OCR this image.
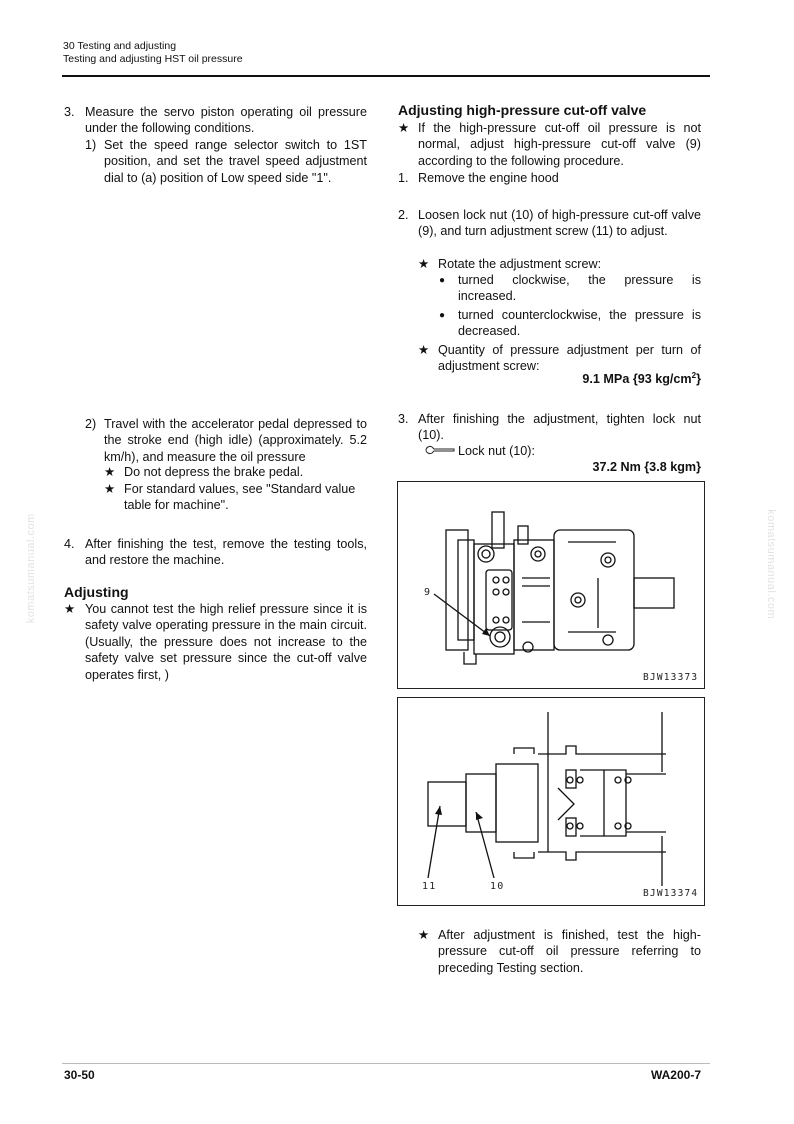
30 Testing and adjusting
Testing and adjusting HST oil pressure
komatsumanual.com	komatsumanual.com
3. Measure the servo piston operating oil pressure under the following conditions.
1) Set the speed range selector switch to 1ST position, and set the travel speed adjustment dial to (a) position of Low speed side "1".
2) Travel with the accelerator pedal depressed to the stroke end (high idle) (approximately. 5.2 km/h), and measure the oil pressure
★ Do not depress the brake pedal.
★ For standard values, see "Standard value table for machine".
4. After finishing the test, remove the testing tools, and restore the machine.
Adjusting
★ You cannot test the high relief pressure since it is safety valve operating pressure in the main circuit. (Usually, the pressure does not increase to the safety valve set pressure since the cut-off valve operates first, )
Adjusting high-pressure cut-off valve
★ If the high-pressure cut-off oil pressure is not normal, adjust high-pressure cut-off valve (9) according to the following procedure.
1. Remove the engine hood
2. Loosen lock nut (10) of high-pressure cut-off valve (9), and turn adjustment screw (11) to adjust.
★ Rotate the adjustment screw:
● turned clockwise, the pressure is increased.
● turned counterclockwise, the pressure is decreased.
★ Quantity of pressure adjustment per turn of adjustment screw:
9.1 MPa {93 $kg/cm^2$}
3. After finishing the adjustment, tighten lock nut (10).
Lock nut (10):
37.2 Nm {3.8 kgm}
9
BJW13373
11	10
BJW13374
★ After adjustment is finished, test the high-pressure cut-off oil pressure referring to preceding Testing section.
30-50	WA200-7
